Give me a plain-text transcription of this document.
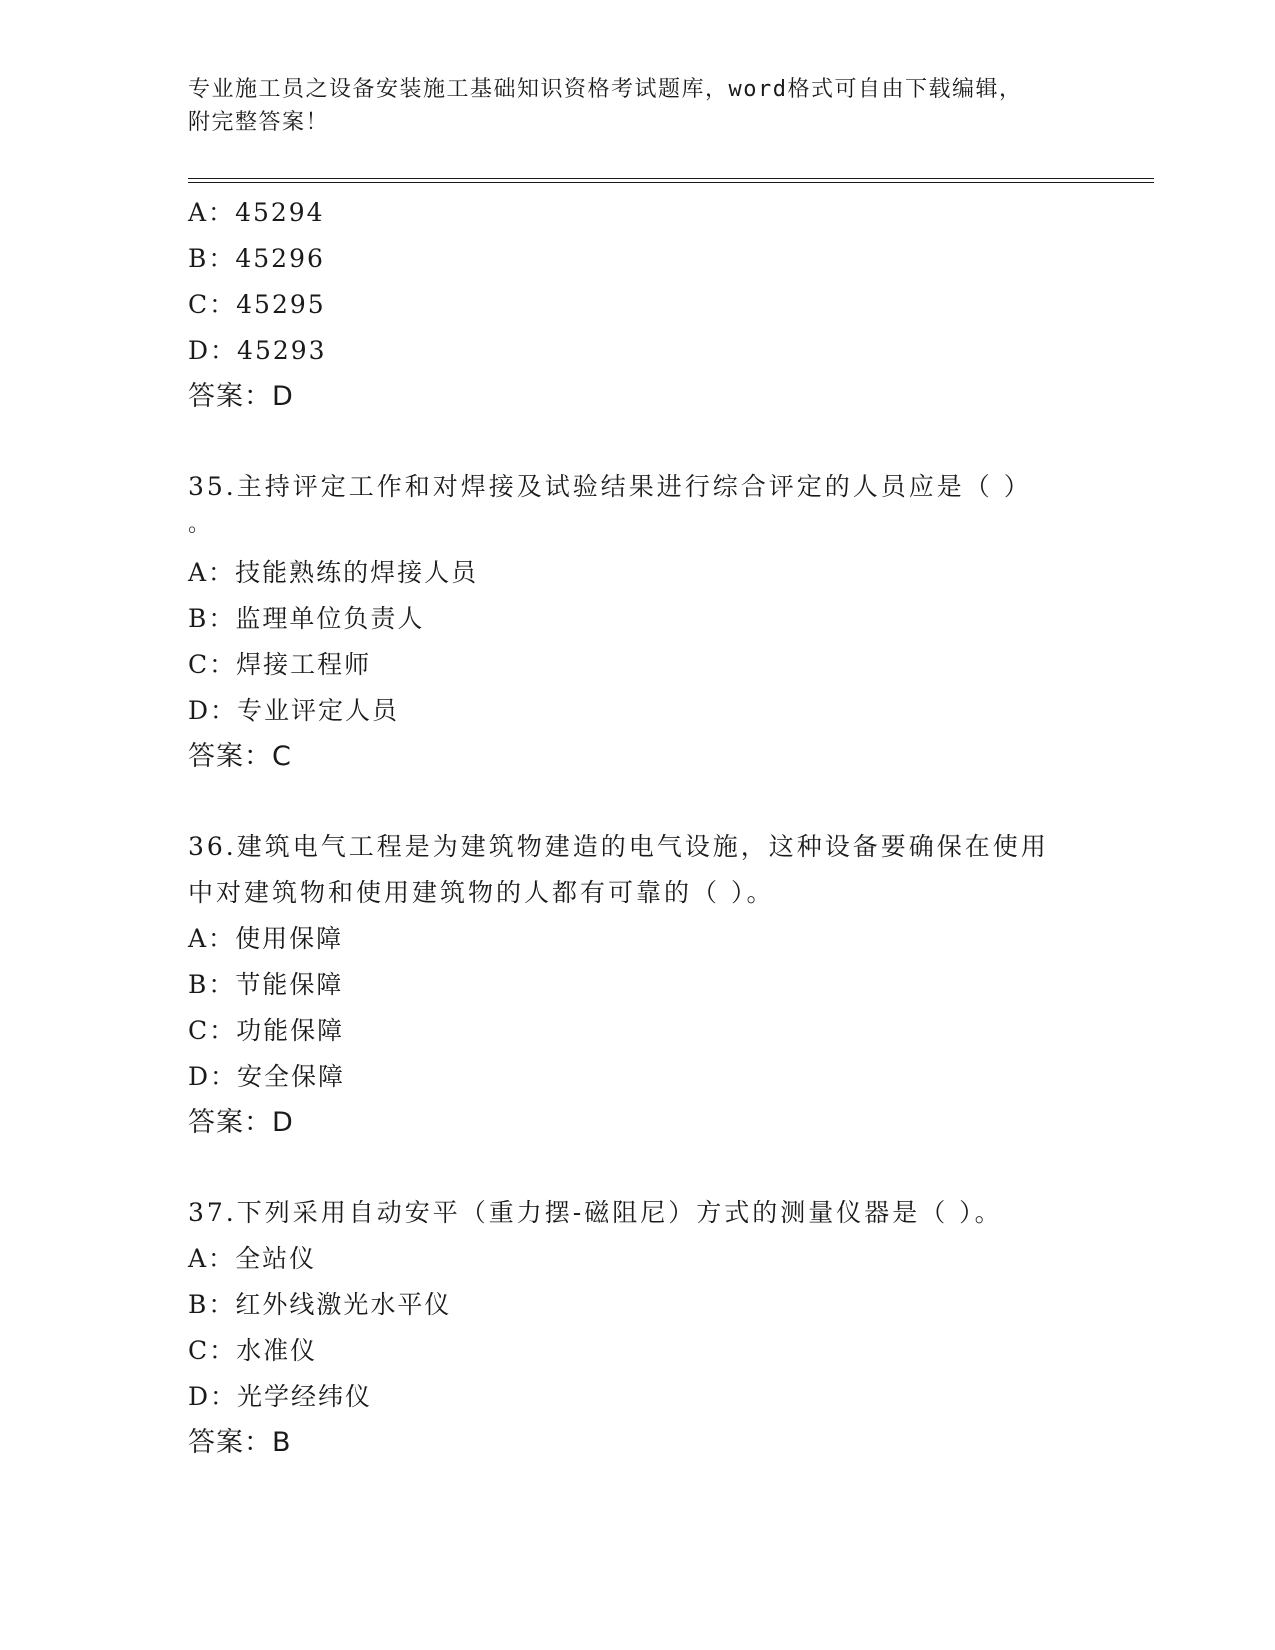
专业施工员之设备安装施工基础知识资格考试题库，word格式可自由下载编辑，
附完整答案！
A：45294
B：45296
C：45295
D：45293
答案：D
35.主持评定工作和对焊接及试验结果进行综合评定的人员应是（ ）
。
A：技能熟练的焊接人员
B：监理单位负责人
C：焊接工程师
D：专业评定人员
答案：C
36.建筑电气工程是为建筑物建造的电气设施，这种设备要确保在使用
中对建筑物和使用建筑物的人都有可靠的（ ）。
A：使用保障
B：节能保障
C：功能保障
D：安全保障
答案：D
37.下列采用自动安平（重力摆-磁阻尼）方式的测量仪器是（ ）。
A：全站仪
B：红外线激光水平仪
C：水准仪
D：光学经纬仪
答案：B
